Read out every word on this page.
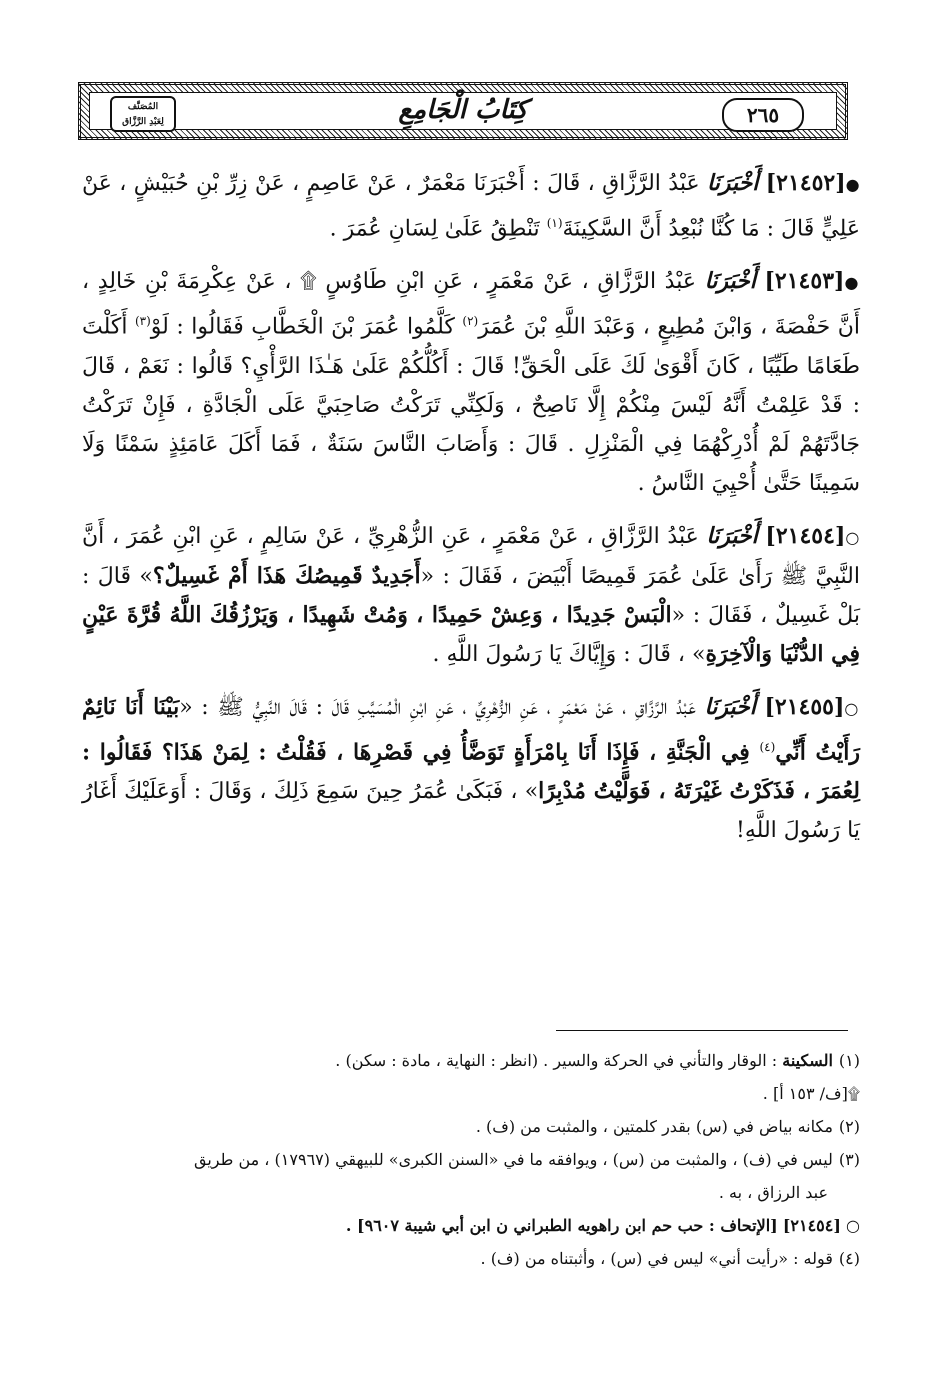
٢٦٥
كِتَابُ الْجَامِعِ
المُصَنَّف
لِعَبْدِ الرَّزَّاق

●[٢١٤٥٢] أَخْبَرَنَا عَبْدُ الرَّزَّاقِ ، قَالَ : أَخْبَرَنَا مَعْمَرٌ ، عَنْ عَاصِمٍ ، عَنْ زِرِّ بْنِ حُبَيْشٍ ، عَنْ عَلِيٍّ قَالَ : مَا كُنَّا نُبْعِدُ أَنَّ السَّكِينَةَ$^{(١)}$ تَنْطِقُ عَلَىٰ لِسَانِ عُمَرَ .

●[٢١٤٥٣] أَخْبَرَنَا عَبْدُ الرَّزَّاقِ ، عَنْ مَعْمَرٍ ، عَنِ ابْنِ طَاوُسٍ ۩ ، عَنْ عِكْرِمَةَ بْنِ خَالِدٍ ، أَنَّ حَفْصَةَ ، وَابْنَ مُطِيعٍ ، وَعَبْدَ اللَّهِ بْنَ عُمَرَ$^{(٢)}$ كَلَّمُوا عُمَرَ بْنَ الْخَطَّابِ فَقَالُوا : لَوْ$^{(٣)}$ أَكَلْتَ طَعَامًا طَيِّبًا ، كَانَ أَقْوَىٰ لَكَ عَلَى الْحَقِّ! قَالَ : أَكُلُّكُمْ عَلَىٰ هَـٰذَا الرَّأْيِ؟ قَالُوا : نَعَمْ ، قَالَ : قَدْ عَلِمْتُ أَنَّهُ لَيْسَ مِنْكُمْ إِلَّا نَاصِحٌ ، وَلَكِنِّي تَرَكْتُ صَاحِبَيَّ عَلَى الْجَادَّةِ ، فَإِنْ تَرَكْتُ جَادَّتَهُمْ لَمْ أُدْرِكْهُمَا فِي الْمَنْزِلِ . قَالَ : وَأَصَابَ النَّاسَ سَنَةٌ ، فَمَا أَكَلَ عَامَئِذٍ سَمْنًا وَلَا سَمِينًا حَتَّىٰ أُحْيِيَ النَّاسُ .

○[٢١٤٥٤] أَخْبَرَنَا عَبْدُ الرَّزَّاقِ ، عَنْ مَعْمَرٍ ، عَنِ الزُّهْرِيِّ ، عَنْ سَالِمٍ ، عَنِ ابْنِ عُمَرَ ، أَنَّ النَّبِيَّ ﷺ رَأَىٰ عَلَىٰ عُمَرَ قَمِيصًا أَبْيَضَ ، فَقَالَ : «أَجَدِيدٌ قَمِيصُكَ هَذَا أَمْ غَسِيلٌ؟» قَالَ : بَلْ غَسِيلٌ ، فَقَالَ : «الْبَسْ جَدِيدًا ، وَعِشْ حَمِيدًا ، وَمُتْ شَهِيدًا ، وَيَرْزُقُكَ اللَّهُ قُرَّةَ عَيْنٍ فِي الدُّنْيَا وَالْآخِرَةِ» ، قَالَ : وَإِيَّاكَ يَا رَسُولَ اللَّهِ .

○[٢١٤٥٥] أَخْبَرَنَا عَبْدُ الرَّزَّاقِ ، عَنْ مَعْمَرٍ ، عَنِ الزُّهْرِيِّ ، عَنِ ابْنِ الْمُسَيَّبِ قَالَ : قَالَ النَّبِيُّ ﷺ : «بَيْنَا أَنَا نَائِمٌ رَأَيْتُ أَنِّي$^{(٤)}$ فِي الْجَنَّةِ ، فَإِذَا أَنَا بِامْرَأَةٍ تَوَضَّأُ فِي قَصْرِهَا ، فَقُلْتُ : لِمَنْ هَذَا؟ فَقَالُوا : لِعُمَرَ ، فَذَكَرْتُ غَيْرَتَهُ ، فَوَلَّيْتُ مُدْبِرًا» ، فَبَكَىٰ عُمَرُ حِينَ سَمِعَ ذَلِكَ ، وَقَالَ : أَوَعَلَيْكَ أَغَارُ يَا رَسُولَ اللَّهِ!

(١)السكينة : الوقار والتأني في الحركة والسير . (انظر : النهاية ، مادة : سكن) .

۩[ف/ ١٥٣ أ] .

(٢)مكانه بياض في (س) بقدر كلمتين ، والمثبت من (ف) .

(٣)ليس في (ف) ، والمثبت من (س) ، ويوافقه ما في «السنن الكبرى» للبيهقي (١٧٩٦٧) ، من طريق

عبد الرزاق ، به .

○ [٢١٤٥٤] [الإتحاف : حب حم ابن راهويه الطبراني ن ابن أبي شيبة ٩٦٠٧] .

(٤)قوله : «رأيت أني» ليس في (س) ، وأثبتناه من (ف) .
